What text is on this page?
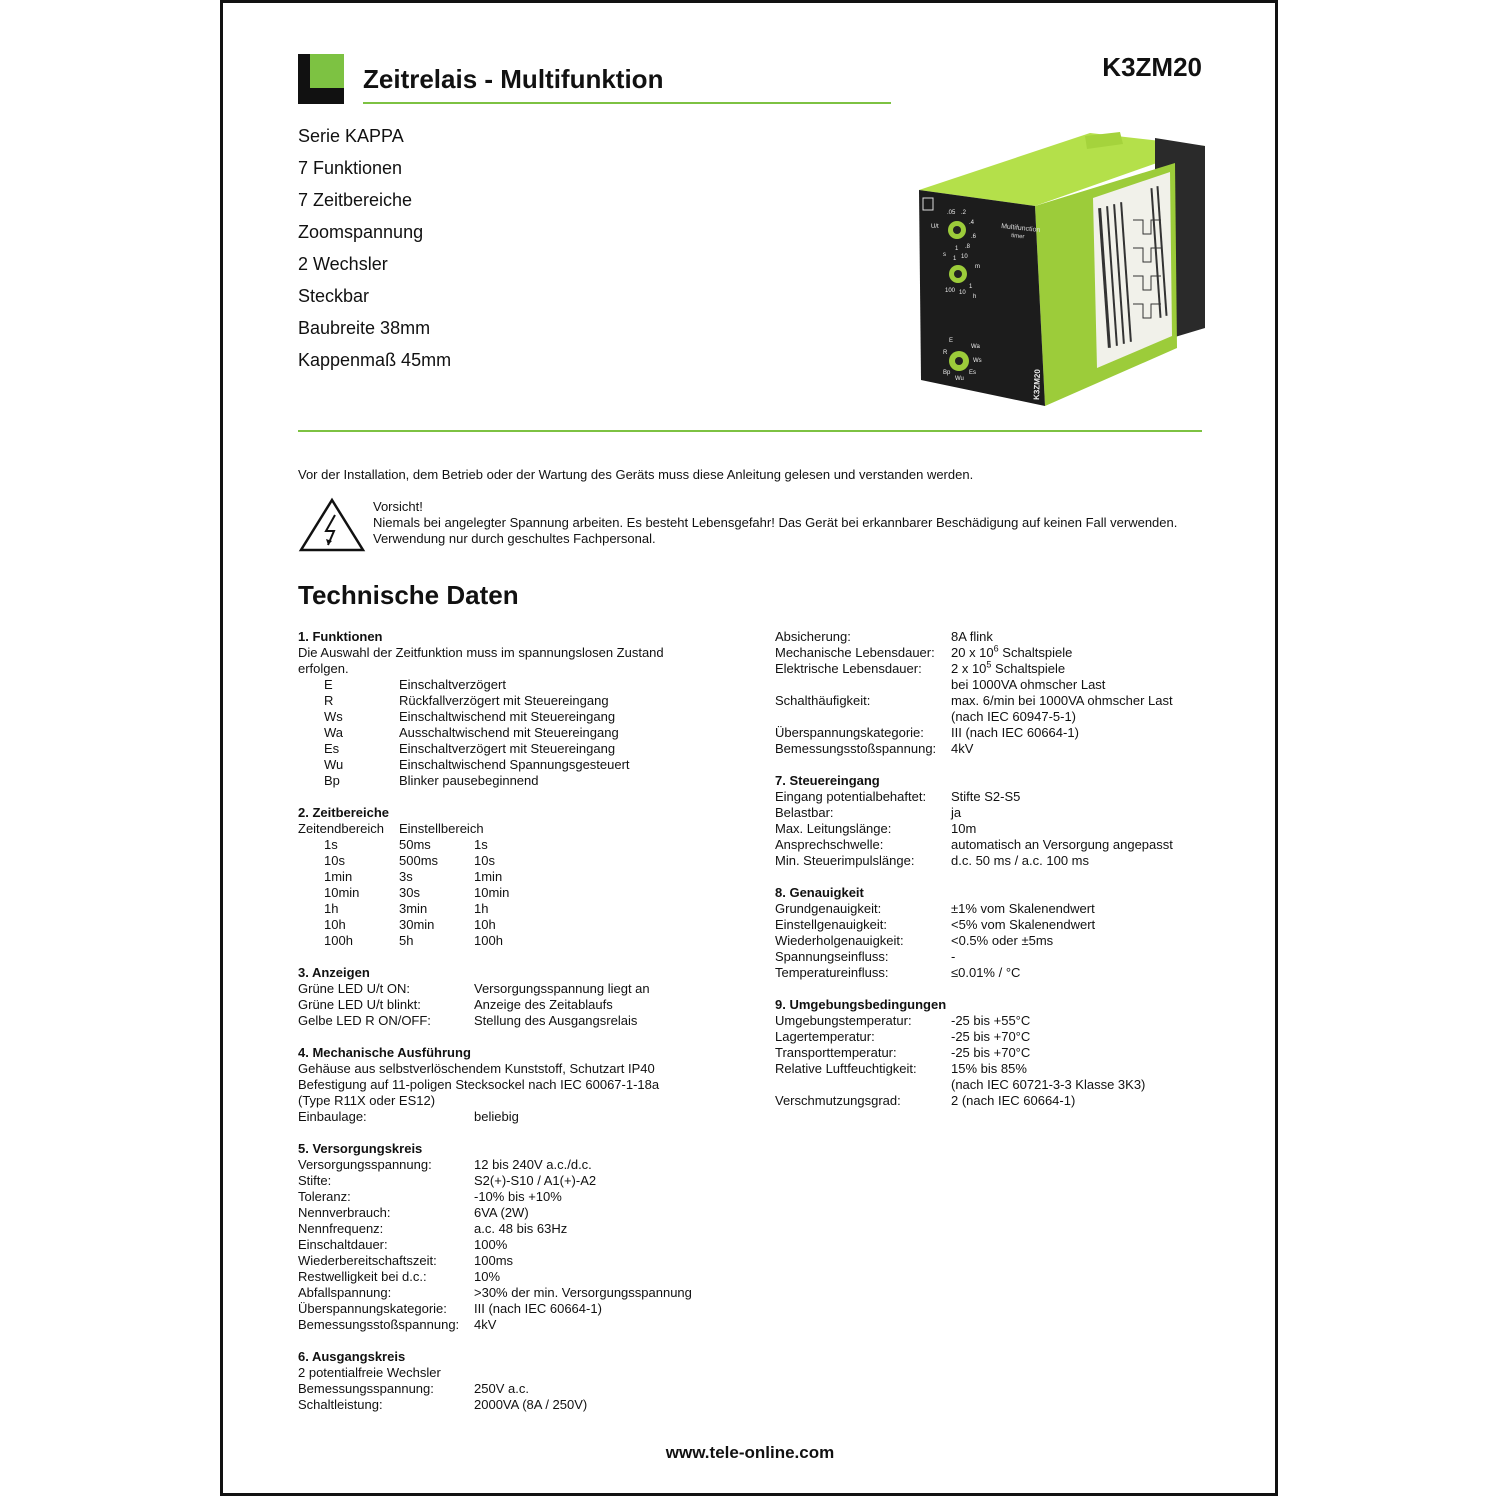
Zeitrelais - Multifunktion	K3ZM20
Serie KAPPA
7 Funktionen
7 Zeitbereiche
Zoomspannung
2 Wechsler
Steckbar
Baubreite 38mm
Kappenmaß 45mm
Multifunction
timer
.05 .2
U/t
.4
.6
.8
1
s
1 10
m
100 10
1
h
E
Wa
Ws
R
Es
Bp
Wu	K3ZM20
Vor der Installation, dem Betrieb oder der Wartung des Geräts muss diese Anleitung gelesen und verstanden werden.
Vorsicht!
Niemals bei angelegter Spannung arbeiten. Es besteht Lebensgefahr! Das Gerät bei erkannbarer Beschädigung auf keinen Fall verwenden.
Verwendung nur durch geschultes Fachpersonal.
Technische Daten
1. Funktionen
Die Auswahl der Zeitfunktion muss im spannungslosen Zustand
erfolgen.
E	Einschaltverzögert
R	Rückfallverzögert mit Steuereingang
Ws	Einschaltwischend mit Steuereingang
Wa	Ausschaltwischend mit Steuereingang
Es	Einschaltverzögert mit Steuereingang
Wu	Einschaltwischend Spannungsgesteuert
Bp	Blinker pausebeginnend
2. Zeitbereiche
Zeitendbereich	Einstellbereich
1s	50ms	1s
10s	500ms	10s
1min	3s	1min
10min	30s	10min
1h	3min	1h
10h	30min	10h
100h	5h	100h
3. Anzeigen
Grüne LED U/t ON:	Versorgungsspannung liegt an
Grüne LED U/t blinkt:	Anzeige des Zeitablaufs
Gelbe LED R ON/OFF:	Stellung des Ausgangsrelais
4. Mechanische Ausführung
Gehäuse aus selbstverlöschendem Kunststoff, Schutzart IP40
Befestigung auf 11-poligen Stecksockel nach IEC 60067-1-18a
(Type R11X oder ES12)
Einbaulage:	beliebig
5. Versorgungskreis
Versorgungsspannung:	12 bis 240V a.c./d.c.
Stifte:	S2(+)-S10 / A1(+)-A2
Toleranz:	-10% bis +10%
Nennverbrauch:	6VA (2W)
Nennfrequenz:	a.c. 48 bis 63Hz
Einschaltdauer:	100%
Wiederbereitschaftszeit:	100ms
Restwelligkeit bei d.c.:	10%
Abfallspannung:	>30% der min. Versorgungsspannung
Überspannungskategorie:	III (nach IEC 60664-1)
Bemessungsstoßspannung:	4kV
6. Ausgangskreis
2 potentialfreie Wechsler
Bemessungsspannung:	250V a.c.
Schaltleistung:	2000VA (8A / 250V)
Absicherung:	8A flink
Mechanische Lebensdauer:	20 x $10^6$ Schaltspiele
Elektrische Lebensdauer:	2 x $10^5$ Schaltspiele
bei 1000VA ohmscher Last
Schalthäufigkeit:	max. 6/min bei 1000VA ohmscher Last
(nach IEC 60947-5-1)
Überspannungskategorie:	III (nach IEC 60664-1)
Bemessungsstoßspannung:	4kV
7. Steuereingang
Eingang potentialbehaftet:	Stifte S2-S5
Belastbar:	ja
Max. Leitungslänge:	10m
Ansprechschwelle:	automatisch an Versorgung angepasst
Min. Steuerimpulslänge:	d.c. 50 ms / a.c. 100 ms
8. Genauigkeit
Grundgenauigkeit:	±1% vom Skalenendwert
Einstellgenauigkeit:	<5% vom Skalenendwert
Wiederholgenauigkeit:	<0.5% oder ±5ms
Spannungseinfluss:	-
Temperatureinfluss:	≤0.01% / °C
9. Umgebungsbedingungen
Umgebungstemperatur:	-25 bis +55°C
Lagertemperatur:	-25 bis +70°C
Transporttemperatur:	-25 bis +70°C
Relative Luftfeuchtigkeit:	15% bis 85%
(nach IEC 60721-3-3 Klasse 3K3)
Verschmutzungsgrad:	2 (nach IEC 60664-1)
www.tele-online.com
